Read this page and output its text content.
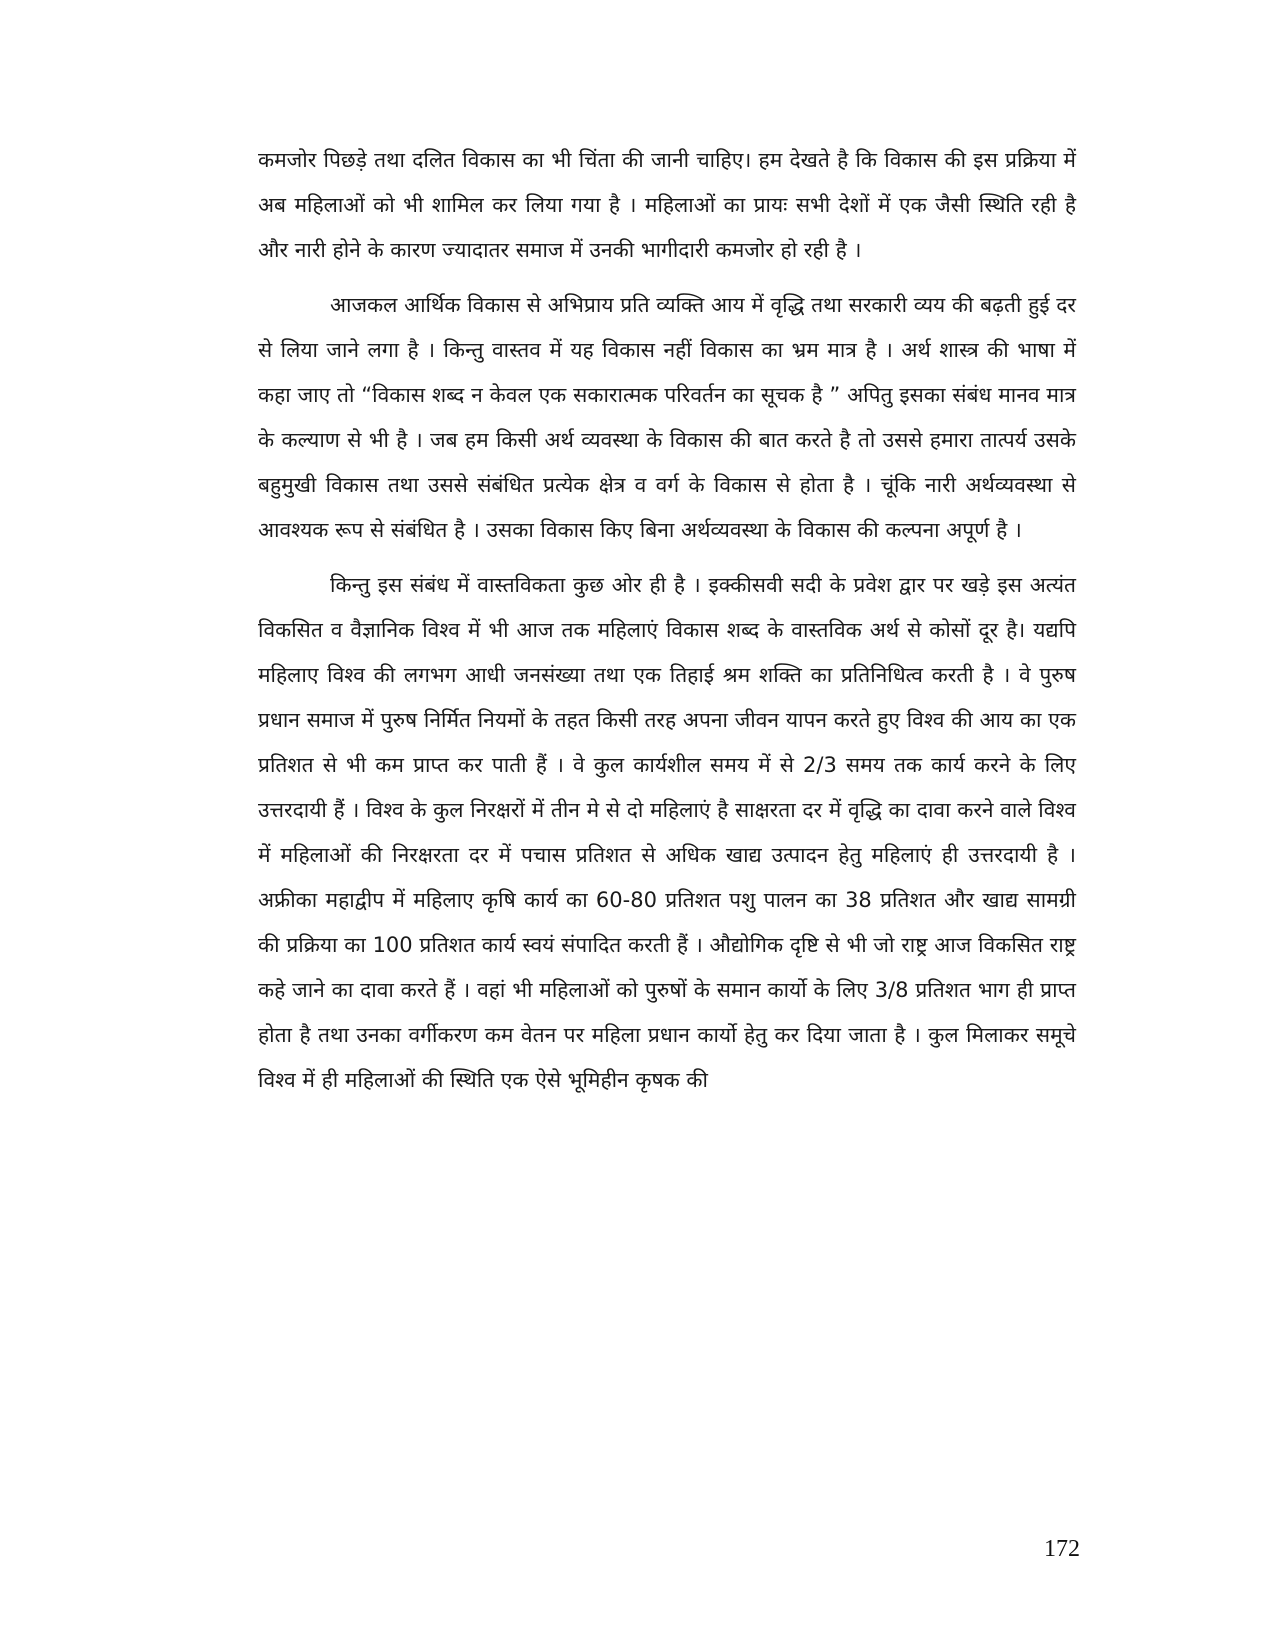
कमजोर पिछड़े तथा दलित विकास का भी चिंता की जानी चाहिए। हम देखते है कि विकास की इस प्रक्रिया में अब महिलाओं को भी शामिल कर लिया गया है । महिलाओं का प्रायः सभी देशों में एक जैसी स्थिति रही है और नारी होने के कारण ज्यादातर समाज में उनकी भागीदारी कमजोर हो रही है ।

आजकल आर्थिक विकास से अभिप्राय प्रति व्यक्ति आय में वृद्धि तथा सरकारी व्यय की बढ़ती हुई दर से लिया जाने लगा है । किन्तु वास्तव में यह विकास नहीं विकास का भ्रम मात्र है । अर्थ शास्त्र की भाषा में कहा जाए तो “विकास शब्द न केवल एक सकारात्मक परिवर्तन का सूचक है ” अपितु इसका संबंध मानव मात्र के कल्याण से भी है । जब हम किसी अर्थ व्यवस्था के विकास की बात करते है तो उससे हमारा तात्पर्य उसके बहुमुखी विकास तथा उससे संबंधित प्रत्येक क्षेत्र व वर्ग के विकास से होता है । चूंकि नारी अर्थव्यवस्था से आवश्यक रूप से संबंधित है । उसका विकास किए बिना अर्थव्यवस्था के विकास की कल्पना अपूर्ण है ।

किन्तु इस संबंध में वास्तविकता कुछ ओर ही है । इक्कीसवी सदी के प्रवेश द्वार पर खड़े इस अत्यंत विकसित व वैज्ञानिक विश्व में भी आज तक महिलाएं विकास शब्द के वास्तविक अर्थ से कोसों दूर है। यद्यपि महिलाए विश्व की लगभग आधी जनसंख्या तथा एक तिहाई श्रम शक्ति का प्रतिनिधित्व करती है । वे पुरुष प्रधान समाज में पुरुष निर्मित नियमों के तहत किसी तरह अपना जीवन यापन करते हुए विश्व की आय का एक प्रतिशत से भी कम प्राप्त कर पाती हैं । वे कुल कार्यशील समय में से 2/3 समय तक कार्य करने के लिए उत्तरदायी हैं । विश्व के कुल निरक्षरों में तीन मे से दो महिलाएं है साक्षरता दर में वृद्धि का दावा करने वाले विश्व में महिलाओं की निरक्षरता दर में पचास प्रतिशत से अधिक खाद्य उत्पादन हेतु महिलाएं ही उत्तरदायी है । अफ्रीका महाद्वीप में महिलाए कृषि कार्य का 60-80 प्रतिशत पशु पालन का 38 प्रतिशत और खाद्य सामग्री की प्रक्रिया का 100 प्रतिशत कार्य स्वयं संपादित करती हैं । औद्योगिक दृष्टि से भी जो राष्ट्र आज विकसित राष्ट्र कहे जाने का दावा करते हैं । वहां भी महिलाओं को पुरुषों के समान कार्यो के लिए 3/8 प्रतिशत भाग ही प्राप्त होता है तथा उनका वर्गीकरण कम वेतन पर महिला प्रधान कार्यो हेतु कर दिया जाता है । कुल मिलाकर समूचे विश्व में ही महिलाओं की स्थिति एक ऐसे भूमिहीन कृषक की

172
